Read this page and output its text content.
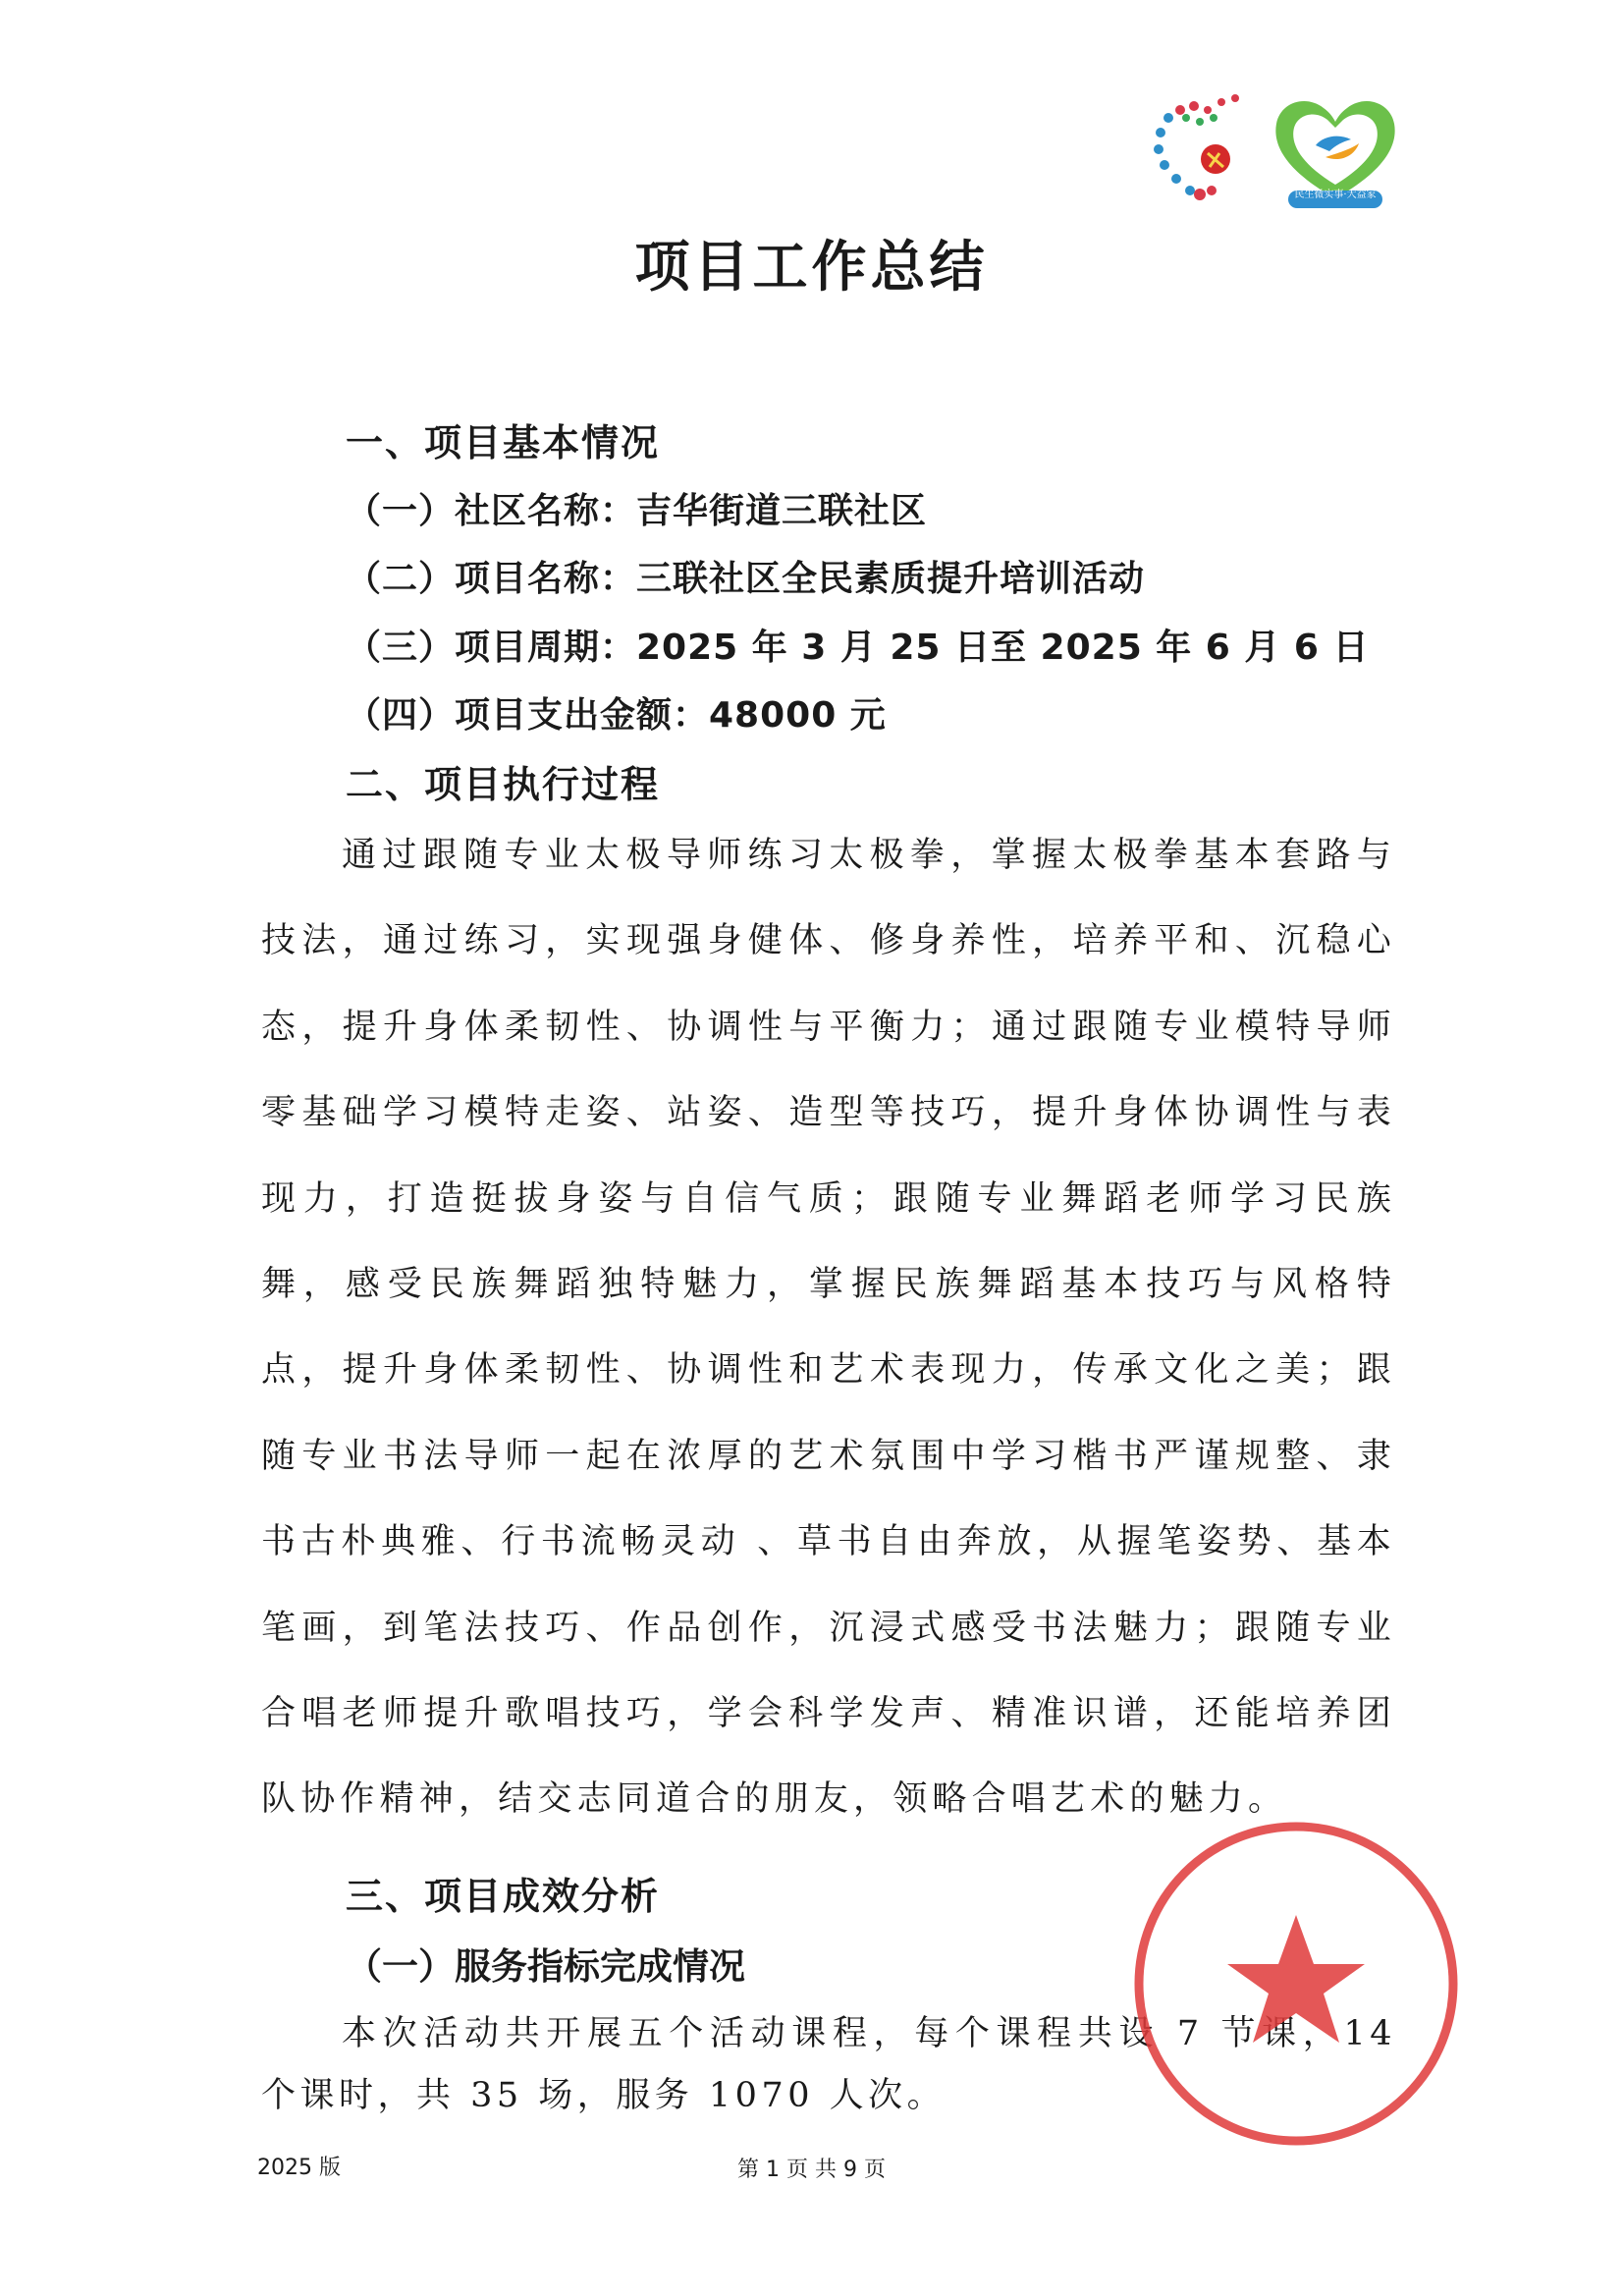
民生微实事·大益家
项目工作总结
一、项目基本情况
（一）社区名称：吉华街道三联社区
（二）项目名称：三联社区全民素质提升培训活动
（三）项目周期：2025 年 3 月 25 日至 2025 年 6 月 6 日
（四）项目支出金额：48000 元
二、项目执行过程

通过跟随专业太极导师练习太极拳，掌握太极拳基本套路与技法，通过练习，实现强身健体、修身养性，培养平和、沉稳心态，提升身体柔韧性、协调性与平衡力；通过跟随专业模特导师零基础学习模特走姿、站姿、造型等技巧，提升身体协调性与表现力，打造挺拔身姿与自信气质；跟随专业舞蹈老师学习民族舞，感受民族舞蹈独特魅力，掌握民族舞蹈基本技巧与风格特点，提升身体柔韧性、协调性和艺术表现力，传承文化之美；跟随专业书法导师一起在浓厚的艺术氛围中学习楷书严谨规整、隶书古朴典雅、行书流畅灵动 、草书自由奔放，从握笔姿势、基本笔画，到笔法技巧、作品创作，沉浸式感受书法魅力；跟随专业合唱老师提升歌唱技巧，学会科学发声、精准识谱，还能培养团队协作精神，结交志同道合的朋友，领略合唱艺术的魅力。

三、项目成效分析
（一）服务指标完成情况

本次活动共开展五个活动课程，每个课程共设 7 节课，14 个课时，共 35 场，服务 1070 人次。

2025 版	第 1 页 共 9 页
